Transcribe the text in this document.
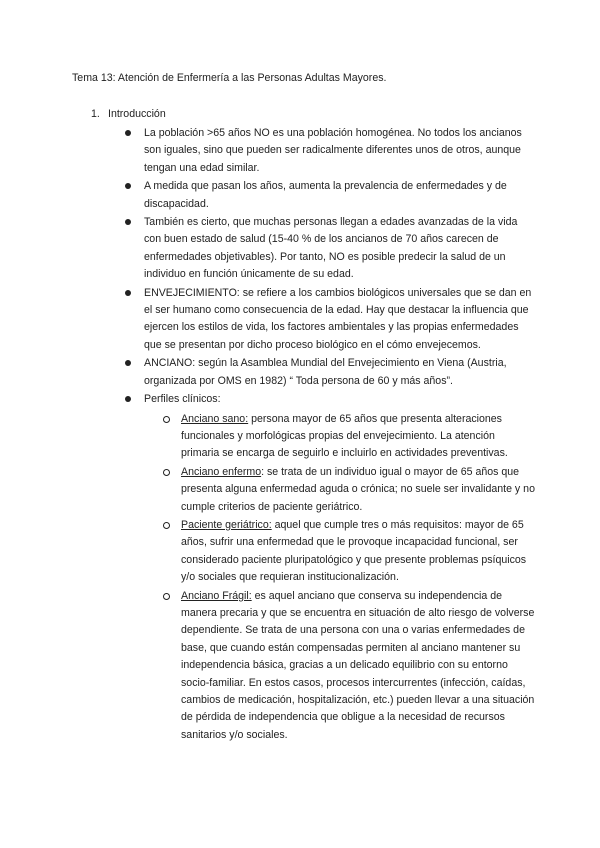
Tema 13: Atención de Enfermería a las Personas Adultas Mayores.
1. Introducción
La población >65 años NO es una población homogénea. No todos los ancianos son iguales, sino que pueden ser radicalmente diferentes unos de otros, aunque tengan una edad similar.
A medida que pasan los años, aumenta la prevalencia de enfermedades y de discapacidad.
También es cierto, que muchas personas llegan a edades avanzadas de la vida con buen estado de salud (15-40 % de los ancianos de 70 años carecen de enfermedades objetivables). Por tanto, NO es posible predecir la salud de un individuo en función únicamente de su edad.
ENVEJECIMIENTO: se refiere a los cambios biológicos universales que se dan en el ser humano como consecuencia de la edad. Hay que destacar la influencia que ejercen los estilos de vida, los factores ambientales y las propias enfermedades que se presentan por dicho proceso biológico en el cómo envejecemos.
ANCIANO: según la Asamblea Mundial del Envejecimiento en Viena (Austria, organizada por OMS en 1982) “ Toda persona de 60 y más años”.
Perfiles clínicos:
Anciano sano: persona mayor de 65 años que presenta alteraciones funcionales y morfológicas propias del envejecimiento. La atención primaria se encarga de seguirlo e incluirlo en actividades preventivas.
Anciano enfermo: se trata de un individuo igual o mayor de 65 años que presenta alguna enfermedad aguda o crónica; no suele ser invalidante y no cumple criterios de paciente geriátrico.
Paciente geriátrico: aquel que cumple tres o más requisitos: mayor de 65 años, sufrir una enfermedad que le provoque incapacidad funcional, ser considerado paciente pluripatológico y que presente problemas psíquicos y/o sociales que requieran institucionalización.
Anciano Frágil: es aquel anciano que conserva su independencia de manera precaria y que se encuentra en situación de alto riesgo de volverse dependiente. Se trata de una persona con una o varias enfermedades de base, que cuando están compensadas permiten al anciano mantener su independencia básica, gracias a un delicado equilibrio con su entorno socio-familiar. En estos casos, procesos intercurrentes (infección, caídas, cambios de medicación, hospitalización, etc.) pueden llevar a una situación de pérdida de independencia que obligue a la necesidad de recursos sanitarios y/o sociales.
